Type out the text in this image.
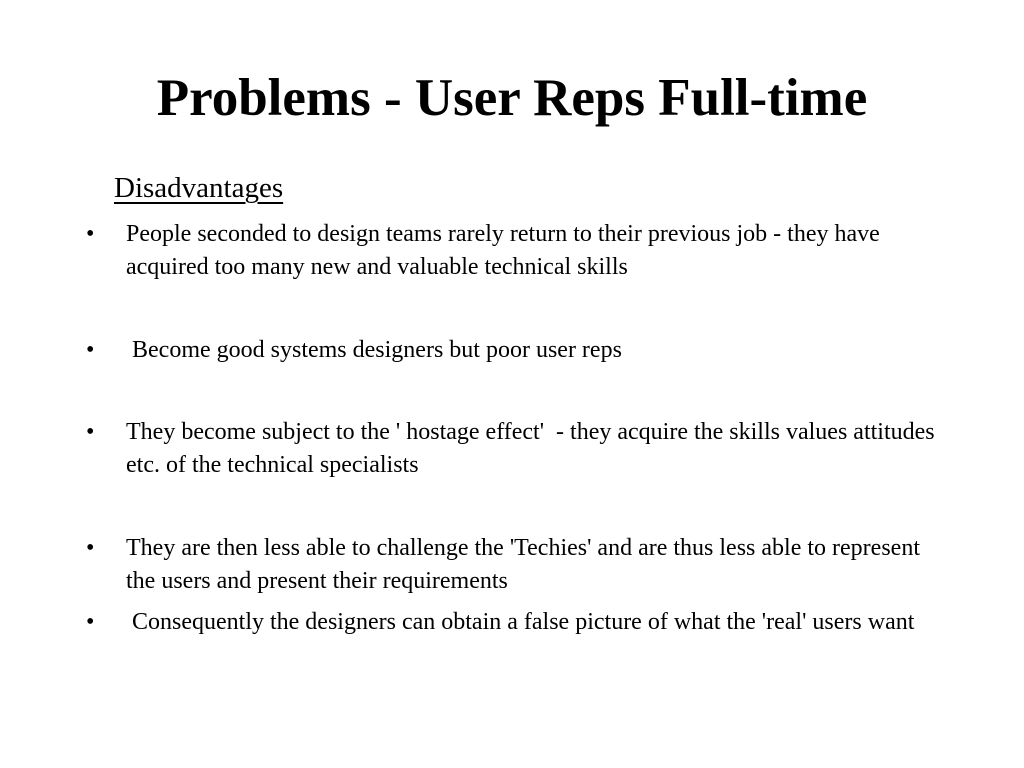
Problems - User Reps Full-time
Disadvantages
•	People seconded to design teams rarely return to their previous job - they have acquired too many new and valuable technical skills
•	Become good systems designers but poor user reps
•	They become subject to the ' hostage effect'  - they acquire the skills values attitudes etc. of the technical specialists
•	They are then less able to challenge the 'Techies' and are thus less able to represent the users and present their requirements
•	Consequently the designers can obtain a false picture of what the 'real' users want
